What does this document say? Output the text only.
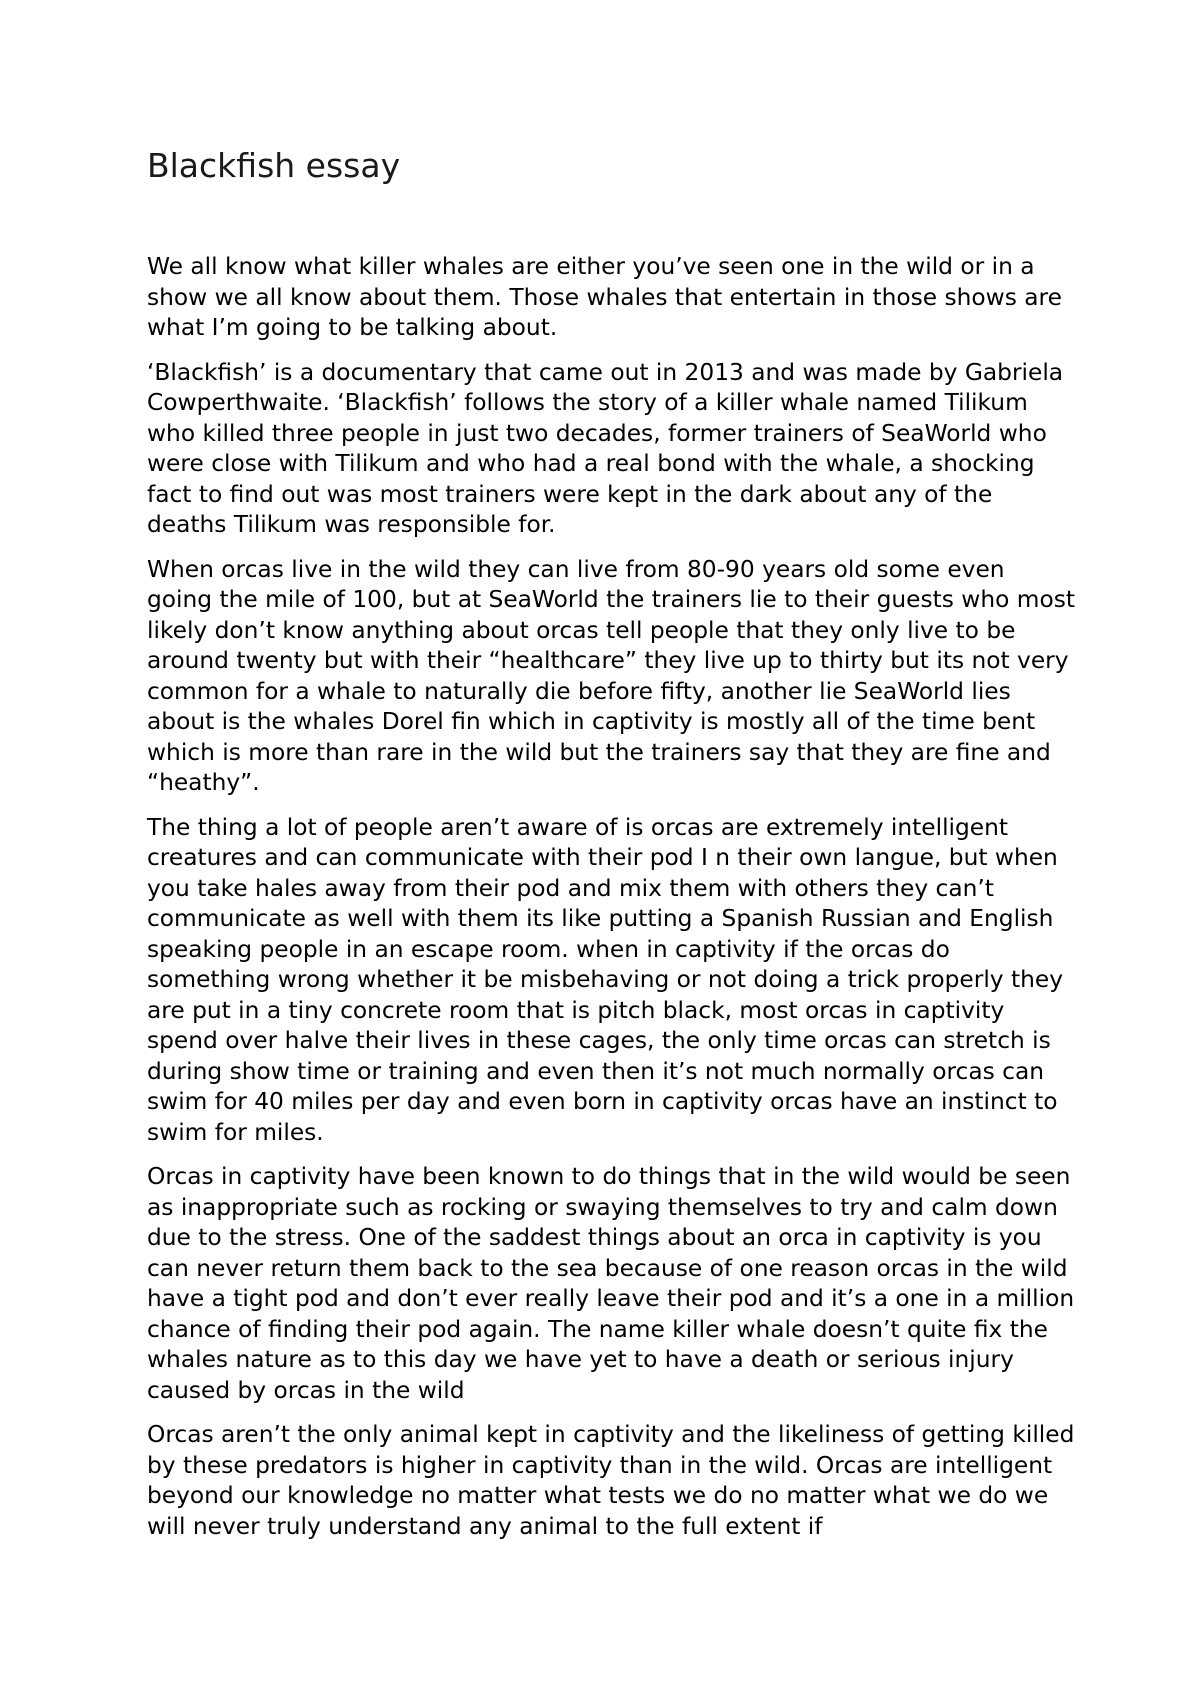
Blackfish essay

We all know what killer whales are either you’ve seen one in the wild or in a show we all know about them. Those whales that entertain in those shows are what I’m going to be talking about.

‘Blackfish’ is a documentary that came out in 2013 and was made by Gabriela Cowperthwaite. ‘Blackfish’ follows the story of a killer whale named Tilikum who killed three people in just two decades, former trainers of SeaWorld who were close with Tilikum and who had a real bond with the whale, a shocking fact to find out was most trainers were kept in the dark about any of the deaths Tilikum was responsible for.

When orcas live in the wild they can live from 80-90 years old some even going the mile of 100, but at SeaWorld the trainers lie to their guests who most likely don’t know anything about orcas tell people that they only live to be around twenty but with their “healthcare” they live up to thirty but its not very common for a whale to naturally die before fifty, another lie SeaWorld lies about is the whales Dorel fin which in captivity is mostly all of the time bent which is more than rare in the wild but the trainers say that they are fine and “heathy”.

The thing a lot of people aren’t aware of is orcas are extremely intelligent creatures and can communicate with their pod I n their own langue, but when you take hales away from their pod and mix them with others they can’t communicate as well with them its like putting a Spanish Russian and English speaking people in an escape room. when in captivity if the orcas do something wrong whether it be misbehaving or not doing a trick properly they are put in a tiny concrete room that is pitch black, most orcas in captivity spend over halve their lives in these cages, the only time orcas can stretch is during show time or training and even then it’s not much normally orcas can swim for 40 miles per day and even born in captivity orcas have an instinct to swim for miles.

Orcas in captivity have been known to do things that in the wild would be seen as inappropriate such as rocking or swaying themselves to try and calm down due to the stress. One of the saddest things about an orca in captivity is you can never return them back to the sea because of one reason orcas in the wild have a tight pod and don’t ever really leave their pod and it’s a one in a million chance of finding their pod again. The name killer whale doesn’t quite fix the whales nature as to this day we have yet to have a death or serious injury caused by orcas in the wild

Orcas aren’t the only animal kept in captivity and the likeliness of getting killed by these predators is higher in captivity than in the wild. Orcas are intelligent beyond our knowledge no matter what tests we do no matter what we do we will never truly understand any animal to the full extent if
